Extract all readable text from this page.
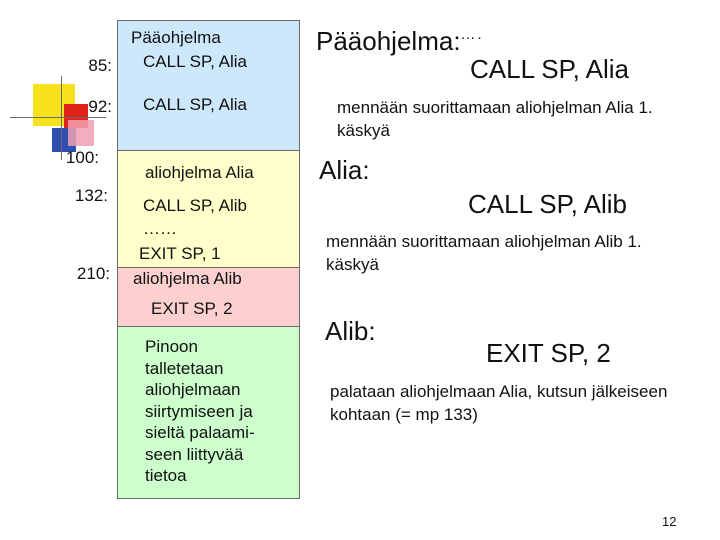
85:
92:
100:
132:
210:
Pääohjelma
CALL SP, Alia
CALL SP, Alia
aliohjelma Alia
CALL SP, Alib
……
EXIT SP, 1
aliohjelma Alib
EXIT SP, 2
Pinoon
talletetaan
aliohjelmaan
siirtymiseen ja
sieltä palaami-
seen liittyvää
tietoa
Pääohjelma:….
CALL SP, Alia
mennään suorittamaan aliohjelman Alia 1. käskyä
Alia:
CALL SP, Alib
mennään suorittamaan aliohjelman Alib 1. käskyä
Alib:
EXIT SP, 2
palataan aliohjelmaan Alia, kutsun jälkeiseen kohtaan (= mp 133)
12
